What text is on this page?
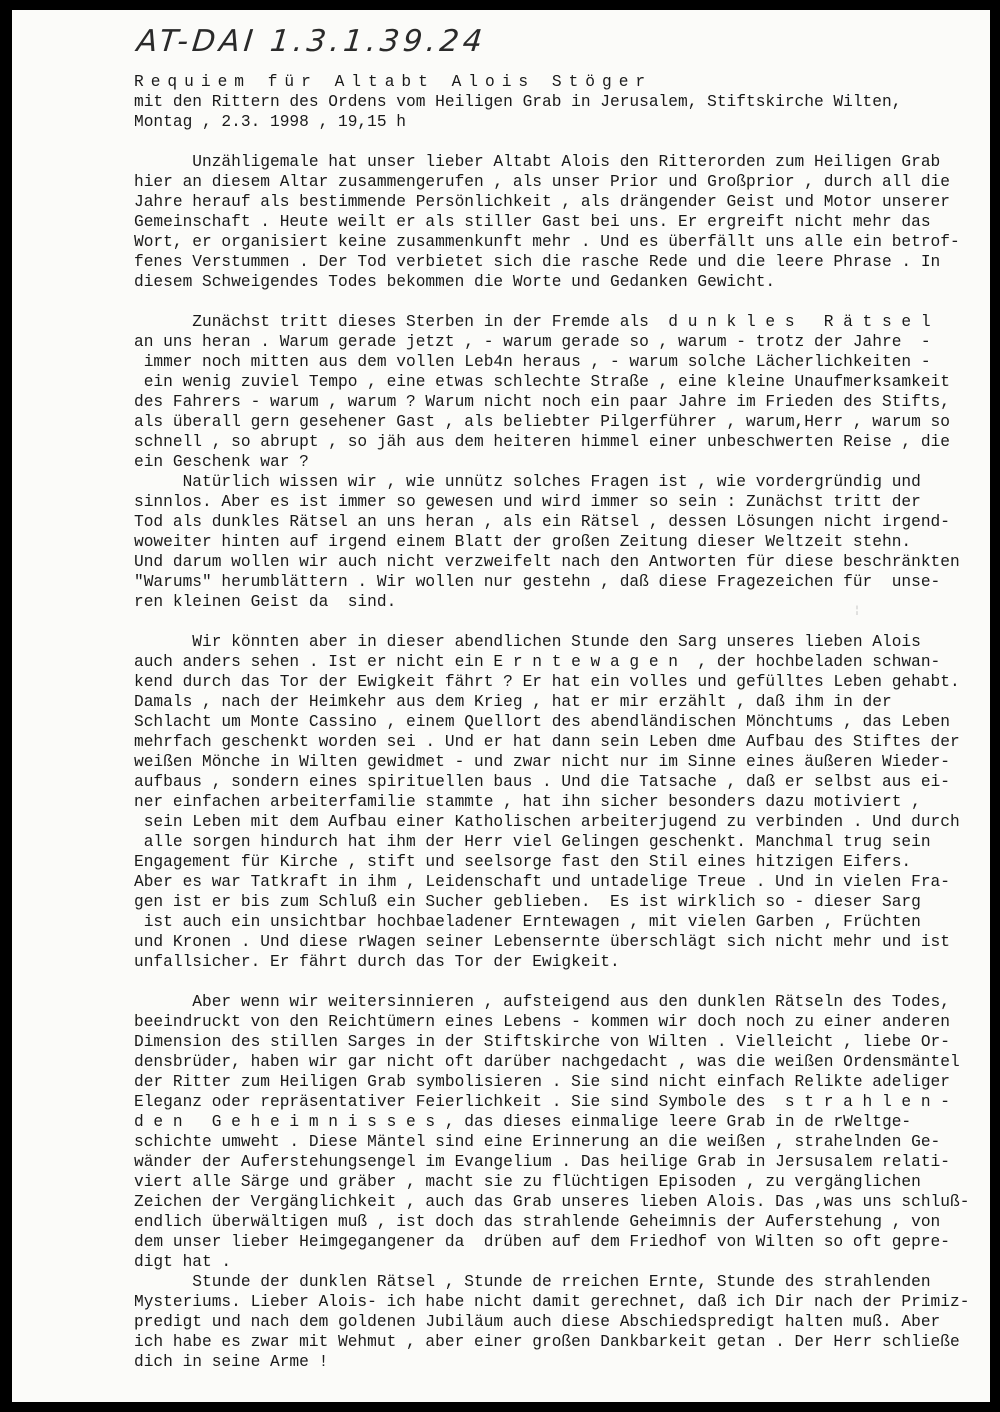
AT-DAI 1.3.1.39.24
¦
Requiem für Altabt Alois Stöger
mit den Rittern des Ordens vom Heiligen Grab in Jerusalem, Stiftskirche Wilten,
Montag , 2.3. 1998 , 19,15 h
Unzähligemale hat unser lieber Altabt Alois den Ritterorden zum Heiligen Grab
hier an diesem Altar zusammengerufen , als unser Prior und Großprior , durch all die
Jahre herauf als bestimmende Persönlichkeit , als drängender Geist und Motor unserer
Gemeinschaft . Heute weilt er als stiller Gast bei uns. Er ergreift nicht mehr das
Wort, er organisiert keine zusammenkunft mehr . Und es überfällt uns alle ein betrof-
fenes Verstummen . Der Tod verbietet sich die rasche Rede und die leere Phrase . In
diesem Schweigendes Todes bekommen die Worte und Gedanken Gewicht.
Zunächst tritt dieses Sterben in der Fremde als  d u n k l e s   R ä t s e l
an uns heran . Warum gerade jetzt , - warum gerade so , warum - trotz der Jahre  -
immer noch mitten aus dem vollen Leb4n heraus , - warum solche Lächerlichkeiten -
ein wenig zuviel Tempo , eine etwas schlechte Straße , eine kleine Unaufmerksamkeit
des Fahrers - warum , warum ? Warum nicht noch ein paar Jahre im Frieden des Stifts,
als überall gern gesehener Gast , als beliebter Pilgerführer , warum,Herr , warum so
schnell , so abrupt , so jäh aus dem heiteren himmel einer unbeschwerten Reise , die
ein Geschenk war ?
Natürlich wissen wir , wie unnütz solches Fragen ist , wie vordergründig und
sinnlos. Aber es ist immer so gewesen und wird immer so sein : Zunächst tritt der
Tod als dunkles Rätsel an uns heran , als ein Rätsel , dessen Lösungen nicht irgend-
woweiter hinten auf irgend einem Blatt der großen Zeitung dieser Weltzeit stehn.
Und darum wollen wir auch nicht verzweifelt nach den Antworten für diese beschränkten
"Warums" herumblättern . Wir wollen nur gestehn , daß diese Fragezeichen für  unse-
ren kleinen Geist da  sind.
Wir könnten aber in dieser abendlichen Stunde den Sarg unseres lieben Alois
auch anders sehen . Ist er nicht ein E r n t e w a g e n  , der hochbeladen schwan-
kend durch das Tor der Ewigkeit fährt ? Er hat ein volles und gefülltes Leben gehabt.
Damals , nach der Heimkehr aus dem Krieg , hat er mir erzählt , daß ihm in der
Schlacht um Monte Cassino , einem Quellort des abendländischen Mönchtums , das Leben
mehrfach geschenkt worden sei . Und er hat dann sein Leben dme Aufbau des Stiftes der
weißen Mönche in Wilten gewidmet - und zwar nicht nur im Sinne eines äußeren Wieder-
aufbaus , sondern eines spirituellen baus . Und die Tatsache , daß er selbst aus ei-
ner einfachen arbeiterfamilie stammte , hat ihn sicher besonders dazu motiviert ,
sein Leben mit dem Aufbau einer Katholischen arbeiterjugend zu verbinden . Und durch
alle sorgen hindurch hat ihm der Herr viel Gelingen geschenkt. Manchmal trug sein
Engagement für Kirche , stift und seelsorge fast den Stil eines hitzigen Eifers.
Aber es war Tatkraft in ihm , Leidenschaft und untadelige Treue . Und in vielen Fra-
gen ist er bis zum Schluß ein Sucher geblieben.  Es ist wirklich so - dieser Sarg
ist auch ein unsichtbar hochbaeladener Erntewagen , mit vielen Garben , Früchten
und Kronen . Und diese rWagen seiner Lebensernte überschlägt sich nicht mehr und ist
unfallsicher. Er fährt durch das Tor der Ewigkeit.
Aber wenn wir weitersinnieren , aufsteigend aus den dunklen Rätseln des Todes,
beeindruckt von den Reichtümern eines Lebens - kommen wir doch noch zu einer anderen
Dimension des stillen Sarges in der Stiftskirche von Wilten . Vielleicht , liebe Or-
densbrüder, haben wir gar nicht oft darüber nachgedacht , was die weißen Ordensmäntel
der Ritter zum Heiligen Grab symbolisieren . Sie sind nicht einfach Relikte adeliger
Eleganz oder repräsentativer Feierlichkeit . Sie sind Symbole des  s t r a h l e n -
d e n   G e h e i m n i s s e s , das dieses einmalige leere Grab in de rWeltge-
schichte umweht . Diese Mäntel sind eine Erinnerung an die weißen , strahelnden Ge-
wänder der Auferstehungsengel im Evangelium . Das heilige Grab in Jersusalem relati-
viert alle Särge und gräber , macht sie zu flüchtigen Episoden , zu vergänglichen
Zeichen der Vergänglichkeit , auch das Grab unseres lieben Alois. Das ,was uns schluß-
endlich überwältigen muß , ist doch das strahlende Geheimnis der Auferstehung , von
dem unser lieber Heimgegangener da  drüben auf dem Friedhof von Wilten so oft gepre-
digt hat .
Stunde der dunklen Rätsel , Stunde de rreichen Ernte, Stunde des strahlenden
Mysteriums. Lieber Alois- ich habe nicht damit gerechnet, daß ich Dir nach der Primiz-
predigt und nach dem goldenen Jubiläum auch diese Abschiedspredigt halten muß. Aber
ich habe es zwar mit Wehmut , aber einer großen Dankbarkeit getan . Der Herr schließe
dich in seine Arme !
